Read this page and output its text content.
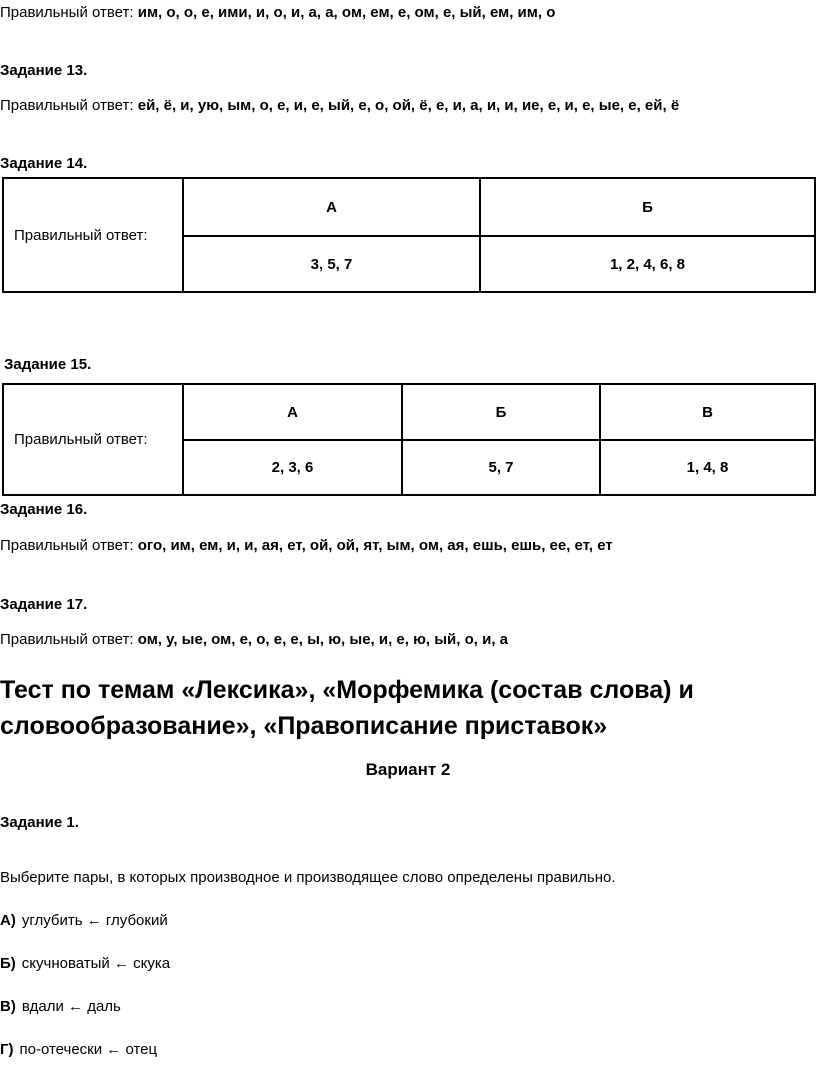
Правильный ответ: им, о, о, е, ими, и, о, и, а, а, ом, ем, е, ом, е, ый, ем, им, о
Задание 13.
Правильный ответ: ей, ё, и, ую, ым, о, е, и, е, ый, е, о, ой, ё, е, и, а, и, и, ие, е, и, е, ые, е, ей, ё
Задание 14.
Правильный ответ:	А	Б
	3, 5, 7	1, 2, 4, 6, 8
Задание 15.
Правильный ответ:	А	Б	В
	2, 3, 6	5, 7	1, 4, 8
Задание 16.
Правильный ответ: ого, им, ем, и, и, ая, ет, ой, ой, ят, ым, ом, ая, ешь, ешь, ее, ет, ет
Задание 17.
Правильный ответ: ом, у, ые, ом, е, о, е, е, ы, ю, ые, и, е, ю, ый, о, и, а
Тест по темам «Лексика», «Морфемика (состав слова) и словообразование», «Правописание приставок»
Вариант 2
Задание 1.
Выберите пары, в которых производное и производящее слово определены правильно.
А) углубить ← глубокий
Б) скучноватый ← скука
В) вдали ← даль
Г) по-отечески ← отец
